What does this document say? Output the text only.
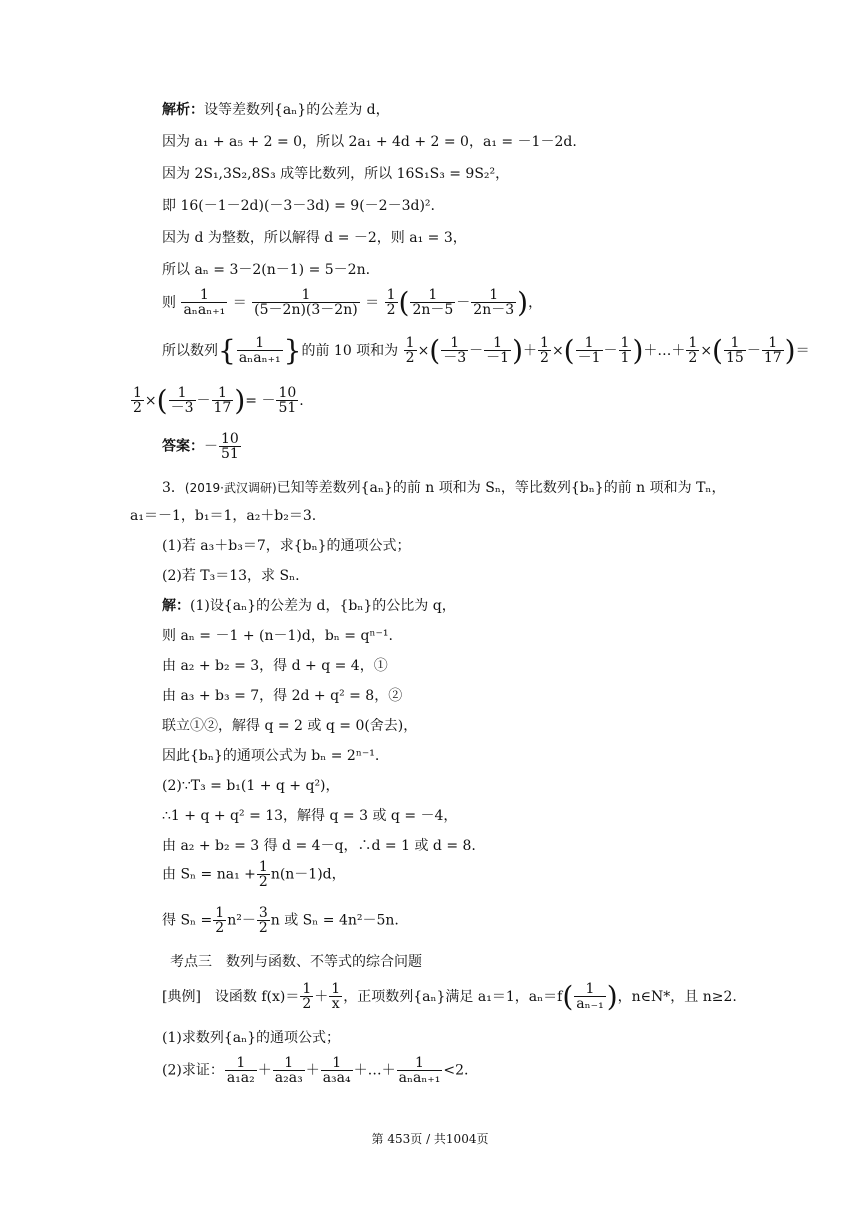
解析：设等差数列{aₙ}的公差为 d，
因为 a₁ + a₅ + 2 = 0，所以 2a₁ + 4d + 2 = 0，a₁ = －1－2d.
因为 2S₁,3S₂,8S₃ 成等比数列，所以 16S₁S₃ = 9S₂²，
即 16(－1－2d)(－3－3d) = 9(－2－3d)².
因为 d 为整数，所以解得 d = －2，则 a₁ = 3，
所以 aₙ = 3－2(n－1) = 5－2n.
则 $\frac{1}{\text{aₙaₙ₊₁}} = \frac{1}{(5-2n)(3-2n)} = \frac{1}{2}$ ( $\frac{1}{2n-5} - \frac{1}{2n-3}$ )，
所以数列{ $\frac{1}{\text{aₙaₙ₊₁}}$ }的前 10 项和为 $\frac{1}{2}$ ×( $\frac{1}{-3} - \frac{1}{-1}$ )＋ $\frac{1}{2}$ ×( $\frac{1}{-1} - \frac{1}{1}$ )＋…＋ $\frac{1}{2}$ ×( $\frac{1}{15} - \frac{1}{17}$ )＝
$\frac{1}{2}$ ×( $\frac{1}{-3} - \frac{1}{17}$ )= － $\frac{10}{51}$ .
答案：－ $\frac{10}{51}$
3．(2019·武汉调研)已知等差数列{aₙ}的前 n 项和为 Sₙ，等比数列{bₙ}的前 n 项和为 Tₙ，
a₁＝－1，b₁＝1，a₂＋b₂＝3.
(1)若 a₃＋b₃＝7，求{bₙ}的通项公式；
(2)若 T₃＝13，求 Sₙ.
解：(1)设{aₙ}的公差为 d，{bₙ}的公比为 q，
则 aₙ = －1 + (n－1)d，bₙ = qⁿ⁻¹.
由 a₂ + b₂ = 3，得 d + q = 4，①
由 a₃ + b₃ = 7，得 2d + q² = 8，②
联立①②，解得 q = 2 或 q = 0(舍去)，
因此{bₙ}的通项公式为 bₙ = 2ⁿ⁻¹.
(2)∵T₃ = b₁(1 + q + q²)，
∴1 + q + q² = 13，解得 q = 3 或 q = －4，
由 a₂ + b₂ = 3 得 d = 4－q，∴d = 1 或 d = 8.
由 $S_n = na_1 + \frac{1}{2} n(n-1)d$，
得 $S_n = \frac{1}{2} n^2- \frac{3}{2}$ n 或 Sₙ = 4n²－5n.
考点三　数列与函数、不等式的综合问题
[典例]　设函数 $f(x)= \frac{1}{2} + \frac{1}{x}$ ，正项数列{aₙ}满足 a₁＝1，$a_n=f( \frac{1}{\text{aₙ₋₁}}$ )，n∈N*，且 n≥2.
(1)求数列{aₙ}的通项公式；
(2)求证： $\frac{1}{\text{a₁a₂}} + \frac{1}{\text{a₂a₃}} + \frac{1}{\text{a₃a₄}}$ ＋…＋ $\frac{1}{\text{aₙaₙ₊₁}} <2$.
第 453页 / 共1004页
